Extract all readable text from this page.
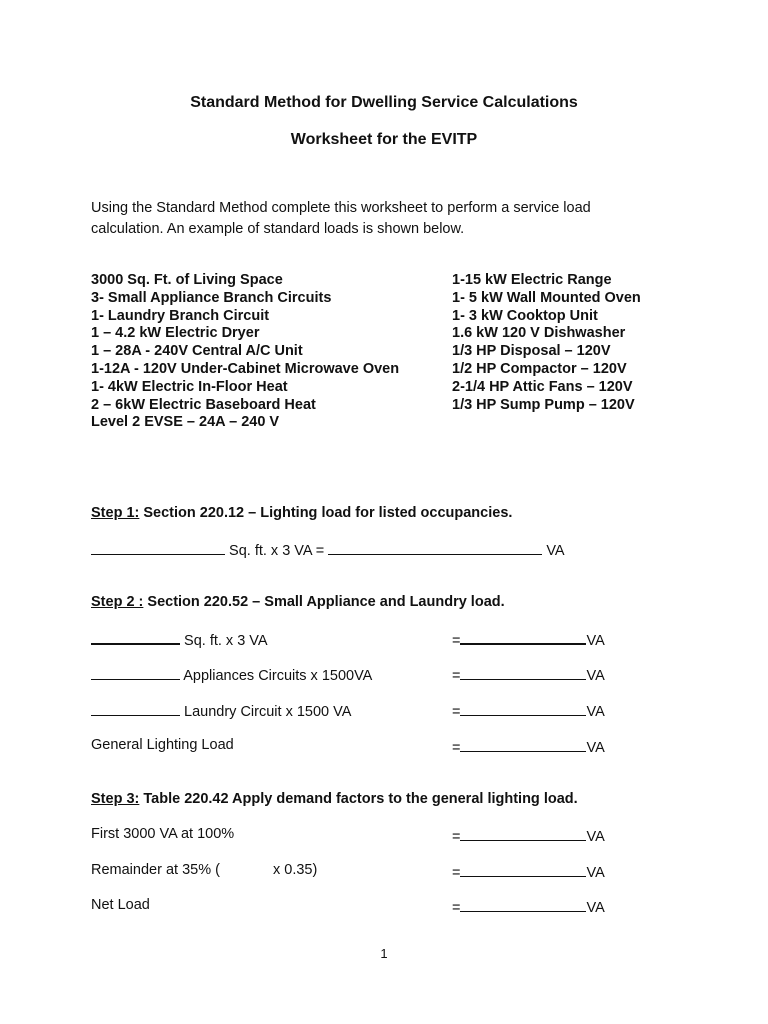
Standard Method for Dwelling Service Calculations
Worksheet for the EVITP
Using the Standard Method complete this worksheet to perform a service load calculation. An example of standard loads is shown below.
3000 Sq. Ft. of Living Space
3- Small Appliance Branch Circuits
1- Laundry Branch Circuit
1 – 4.2 kW Electric Dryer
1 – 28A - 240V Central A/C Unit
1-12A - 120V Under-Cabinet Microwave Oven
1- 4kW Electric In-Floor Heat
2 – 6kW Electric Baseboard Heat
Level 2 EVSE – 24A – 240 V
1-15 kW Electric Range
1- 5 kW Wall Mounted Oven
1- 3 kW Cooktop Unit
1.6 kW 120 V Dishwasher
1/3 HP Disposal – 120V
1/2 HP Compactor – 120V
2-1/4 HP Attic Fans – 120V
1/3 HP Sump Pump – 120V
Step 1: Section 220.12 – Lighting load for listed occupancies.
Sq. ft. x 3 VA =	VA
Step 2 : Section 220.52 – Small Appliance and Laundry load.
Sq. ft. x 3 VA	=	VA
Appliances Circuits x 1500VA	=	VA
Laundry Circuit x 1500 VA	=	VA
General Lighting Load	=	VA
Step 3: Table 220.42 Apply demand factors to the general lighting load.
First 3000 VA at 100%	=	VA
Remainder at 35% (	x 0.35)	=	VA
Net Load	=	VA
1
